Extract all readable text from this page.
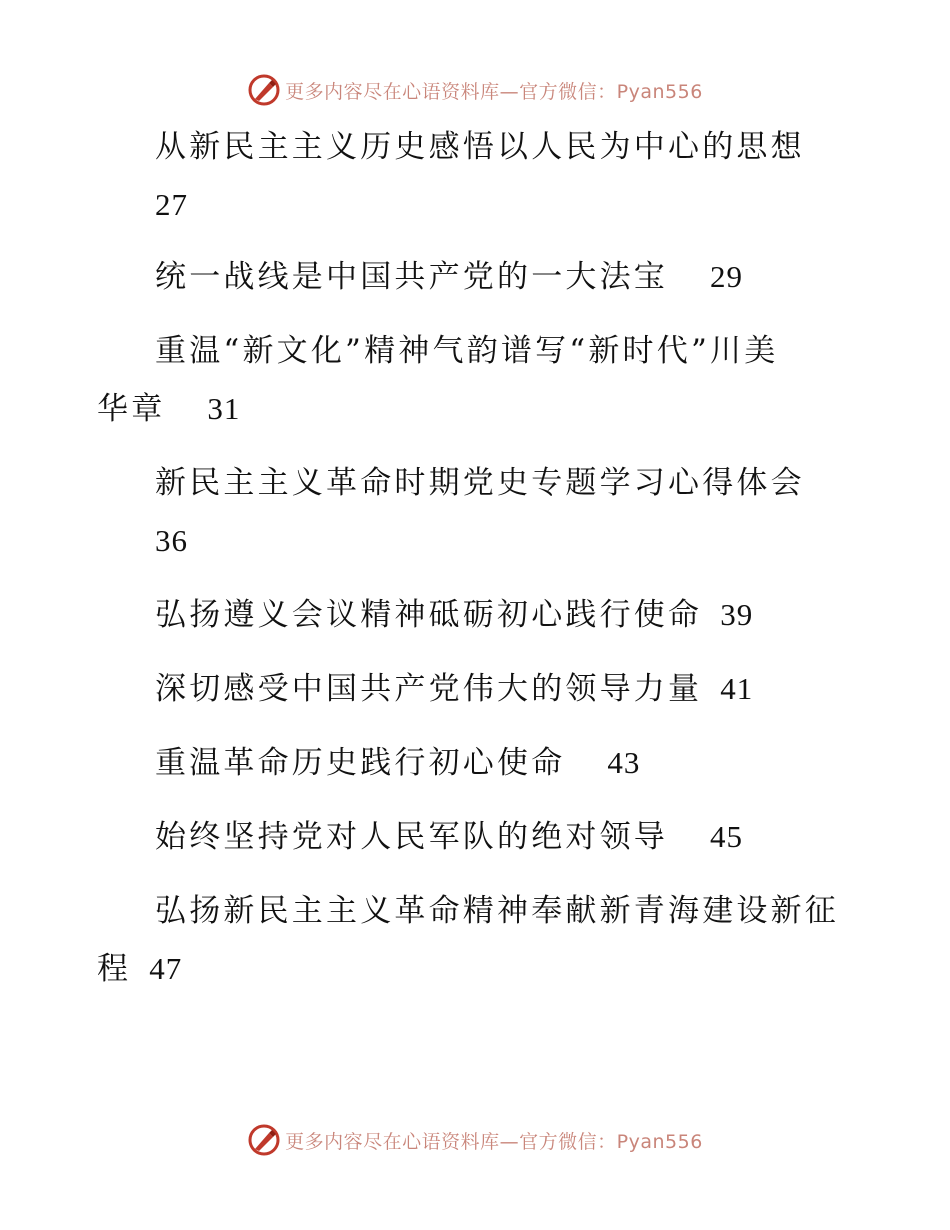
更多内容尽在心语资料库—官方微信：Pyan556
从新民主主义历史感悟以人民为中心的思想
27
统一战线是中国共产党的一大法宝 29
重温“新文化”精神气韵谱写“新时代”川美
华章 31
新民主主义革命时期党史专题学习心得体会
36
弘扬遵义会议精神砥砺初心践行使命 39
深切感受中国共产党伟大的领导力量 41
重温革命历史践行初心使命 43
始终坚持党对人民军队的绝对领导 45
弘扬新民主主义革命精神奉献新青海建设新征
程 47
更多内容尽在心语资料库—官方微信：Pyan556
